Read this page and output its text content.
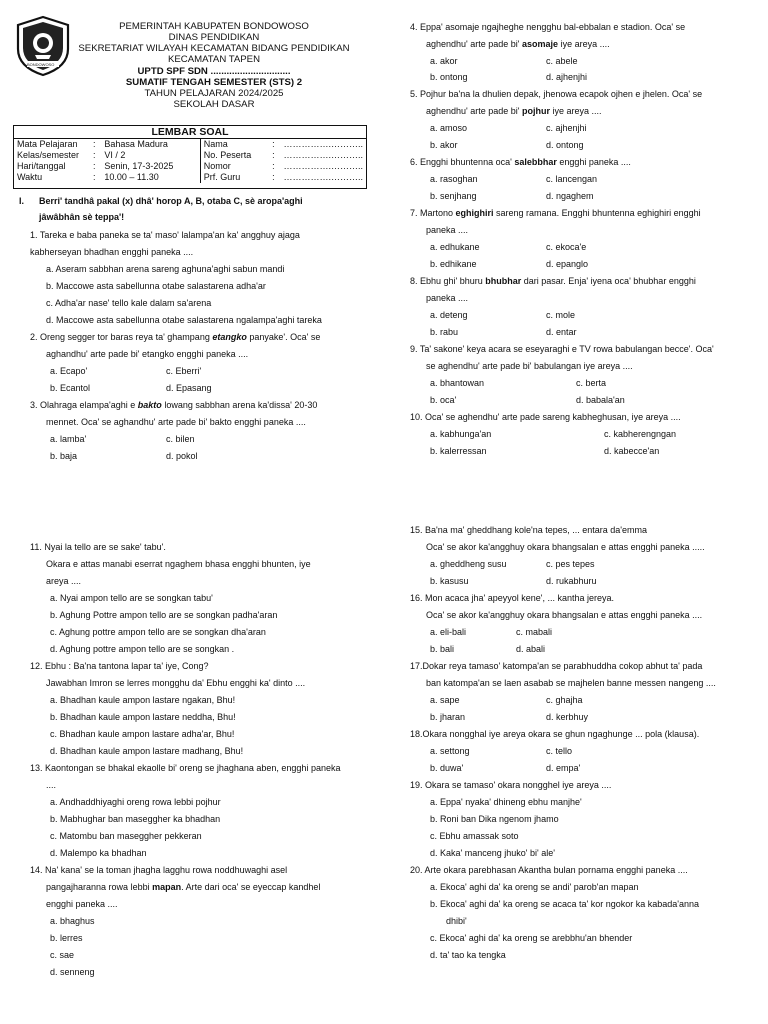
BONDOWOSO
PEMERINTAH KABUPATEN BONDOWOSO
DINAS PENDIDIKAN
SEKRETARIAT WILAYAH KECAMATAN BIDANG PENDIDIKAN
KECAMATAN TAPEN
UPTD SPF SDN ..............................
SUMATIF TENGAH SEMESTER (STS) 2
TAHUN PELAJARAN 2024/2025
SEKOLAH DASAR
LEMBAR SOAL
Mata Pelajaran	:	Bahasa Madura	Nama	:	…………….………..
Kelas/semester	:	VI / 2	No. Peserta	:	…………….………..
Hari/tanggal	:	Senin, 17-3-2025	Nomor	:	…………….………..
Waktu	:	10.00 – 11.30	Prf. Guru	:	…………….………..
I. Berri' tandhâ pakal (x) dhâ' horop A, B, otaba C, sè aropa'aghi
jâwâbhân sè teppa'!
1. Tareka e baba paneka se ta' maso' lalampa'an ka' angghuy ajaga
kabherseyan bhadhan engghi paneka ....
a. Aseram sabbhan arena sareng aghuna'aghi sabun mandi
b. Maccowe asta sabellunna otabe salastarena adha'ar
c. Adha'ar nase' tello kale dalam sa'arena
d. Maccowe asta sabellunna otabe salastarena ngalampa'aghi tareka
2. Oreng segger tor baras reya ta' ghampang etangko panyake'. Oca' se
aghandhu' arte pade bi' etangko engghi paneka ....
a. Ecapo'
b. Ecantol
c. Eberri'
d. Epasang
3. Olahraga elampa'aghi e bakto lowang sabbhan arena ka'dissa' 20-30
mennet. Oca' se aghandhu' arte pade bi' bakto engghi paneka ....
a. lamba'
b. baja
c. bilen
d. pokol
4. Eppa' asomaje ngajheghe nengghu bal-ebbalan e stadion. Oca' se
aghendhu' arte pade bi' asomaje iye areya ....
a. akor
b. ontong
c. abele
d. ajhenjhi
5. Pojhur ba'na la dhulien depak, jhenowa ecapok ojhen e jhelen. Oca' se
aghendhu' arte pade bi' pojhur iye areya ....
a. amoso
b. akor
c. ajhenjhi
d. ontong
6. Engghi bhuntenna oca' salebbhar engghi paneka ....
a. rasoghan
b. senjhang
c. lancengan
d. ngaghem
7. Martono eghighiri sareng ramana. Engghi bhuntenna eghighiri engghi
paneka ....
a. edhukane
b. edhikane
c. ekoca'e
d. epanglo
8. Ebhu ghi' bhuru bhubhar dari pasar. Enja' iyena oca' bhubhar engghi
paneka ....
a. deteng
b. rabu
c. mole
d. entar
9. Ta' sakone' keya acara se eseyaraghi e TV rowa babulangan becce'. Oca'
se aghendhu' arte pade bi' babulangan iye areya ....
a. bhantowan
b. oca'
c. berta
d. babala'an
10. Oca' se aghendhu' arte pade sareng kabheghusan, iye areya ....
a. kabhunga'an
b. kalerressan
c. kabherengngan
d. kabecce'an
11. Nyai la tello are se sake' tabu'.
Okara e attas manabi eserrat ngaghem bhasa engghi bhunten, iye
areya ....
a. Nyai ampon tello are se songkan tabu'
b. Aghung Pottre ampon tello are se songkan padha'aran
c. Aghung pottre ampon tello are se songkan dha'aran
d. Aghung pottre ampon tello are se songkan .
12. Ebhu : Ba'na tantona lapar ta' iye, Cong?
Jawabhan Imron se lerres mongghu da' Ebhu engghi ka' dinto ....
a. Bhadhan kaule ampon lastare ngakan, Bhu!
b. Bhadhan kaule ampon lastare neddha, Bhu!
c. Bhadhan kaule ampon lastare adha'ar, Bhu!
d. Bhadhan kaule ampon lastare madhang, Bhu!
13. Kaontongan se bhakal ekaolle bi' oreng se jhaghana aben, engghi paneka
....
a. Andhaddhiyaghi oreng rowa lebbi pojhur
b. Mabhughar ban maseggher ka bhadhan
c. Matombu ban maseggher pekkeran
d. Malempo ka bhadhan
14. Na' kana' se la toman jhagha lagghu rowa noddhuwaghi asel
pangajharanna rowa lebbi mapan. Arte dari oca' se eyeccap kandhel
engghi paneka ....
a. bhaghus
b. lerres
c. sae
d. senneng
15. Ba'na ma' gheddhang kole'na tepes, ... entara da'emma
Oca' se akor ka'angghuy okara bhangsalan e attas engghi paneka .....
a. gheddheng susu
b. kasusu
c. pes tepes
d. rukabhuru
16. Mon acaca jha' apeyyol kene', ... kantha jereya.
Oca' se akor ka'angghuy okara bhangsalan e attas engghi paneka ....
a. eli-bali
b. bali
c. mabali
d. abali
17.Dokar reya tamaso' katompa'an se parabhuddha cokop abhut ta' pada
ban katompa'an se laen asabab se majhelen banne messen nangeng ....
a. sape
b. jharan
c. ghajha
d. kerbhuy
18.Okara nongghal iye areya okara se ghun ngaghunge ... pola (klausa).
a. settong
b. duwa'
c. tello
d. empa'
19. Okara se tamaso' okara nongghel iye areya ....
a. Eppa' nyaka' dhineng ebhu manjhe'
b. Roni ban Dika ngenom jhamo
c. Ebhu amassak soto
d. Kaka' manceng jhuko' bi' ale'
20. Arte okara parebhasan Akantha bulan pornama engghi paneka ....
a. Ekoca' aghi da' ka oreng se andi' parob'an mapan
b. Ekoca' aghi da' ka oreng se acaca ta' kor ngokor ka kabada'anna
dhibi'
c. Ekoca' aghi da' ka oreng se arebbhu'an bhender
d. ta' tao ka tengka
